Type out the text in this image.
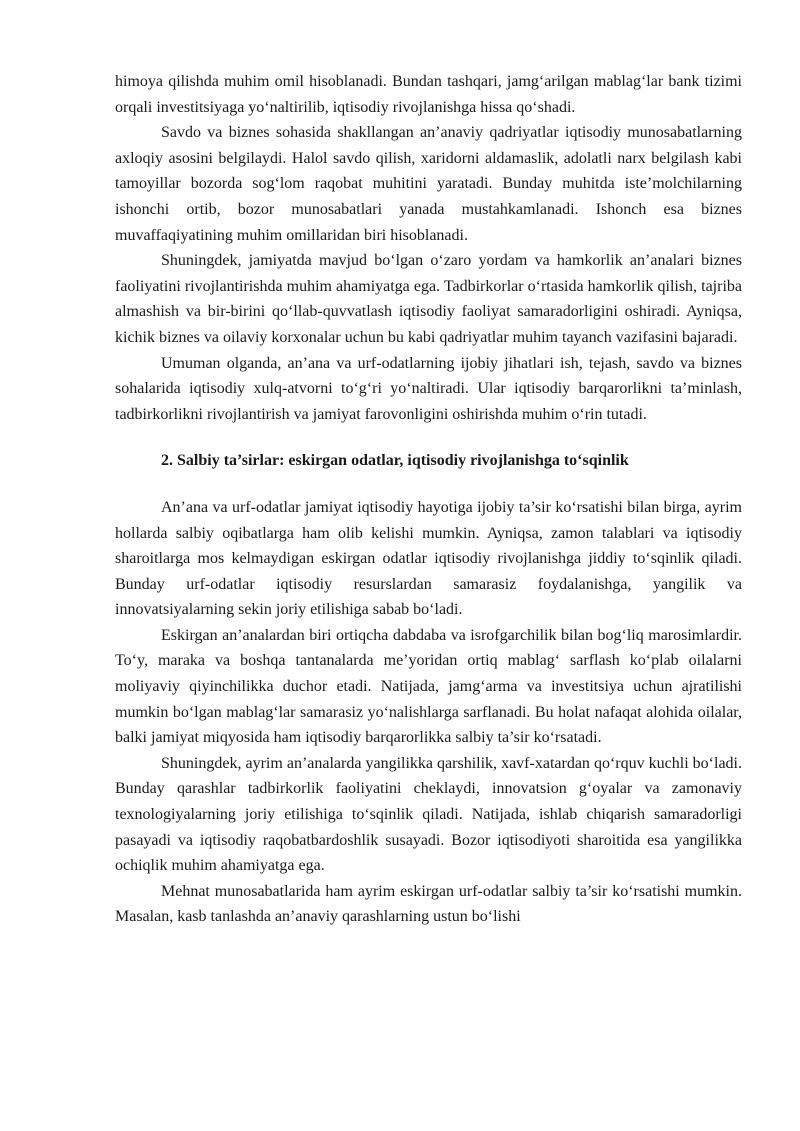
himoya qilishda muhim omil hisoblanadi. Bundan tashqari, jamg‘arilgan mablag‘lar bank tizimi orqali investitsiyaga yo‘naltirilib, iqtisodiy rivojlanishga hissa qo‘shadi.

Savdo va biznes sohasida shakllangan an’anaviy qadriyatlar iqtisodiy munosabatlarning axloqiy asosini belgilaydi. Halol savdo qilish, xaridorni aldamaslik, adolatli narx belgilash kabi tamoyillar bozorda sog‘lom raqobat muhitini yaratadi. Bunday muhitda iste’molchilarning ishonchi ortib, bozor munosabatlari yanada mustahkamlanadi. Ishonch esa biznes muvaffaqiyatining muhim omillaridan biri hisoblanadi.

Shuningdek, jamiyatda mavjud bo‘lgan o‘zaro yordam va hamkorlik an’analari biznes faoliyatini rivojlantirishda muhim ahamiyatga ega. Tadbirkorlar o‘rtasida hamkorlik qilish, tajriba almashish va bir-birini qo‘llab-quvvatlash iqtisodiy faoliyat samaradorligini oshiradi. Ayniqsa, kichik biznes va oilaviy korxonalar uchun bu kabi qadriyatlar muhim tayanch vazifasini bajaradi.

Umuman olganda, an’ana va urf-odatlarning ijobiy jihatlari ish, tejash, savdo va biznes sohalarida iqtisodiy xulq-atvorni to‘g‘ri yo‘naltiradi. Ular iqtisodiy barqarorlikni ta’minlash, tadbirkorlikni rivojlantirish va jamiyat farovonligini oshirishda muhim o‘rin tutadi.

2. Salbiy ta’sirlar: eskirgan odatlar, iqtisodiy rivojlanishga to‘sqinlik

An’ana va urf-odatlar jamiyat iqtisodiy hayotiga ijobiy ta’sir ko‘rsatishi bilan birga, ayrim hollarda salbiy oqibatlarga ham olib kelishi mumkin. Ayniqsa, zamon talablari va iqtisodiy sharoitlarga mos kelmaydigan eskirgan odatlar iqtisodiy rivojlanishga jiddiy to‘sqinlik qiladi. Bunday urf-odatlar iqtisodiy resurslardan samarasiz foydalanishga, yangilik va innovatsiyalarning sekin joriy etilishiga sabab bo‘ladi.

Eskirgan an’analardan biri ortiqcha dabdaba va isrofgarchilik bilan bog‘liq marosimlardir. To‘y, maraka va boshqa tantanalarda me’yoridan ortiq mablag‘ sarflash ko‘plab oilalarni moliyaviy qiyinchilikka duchor etadi. Natijada, jamg‘arma va investitsiya uchun ajratilishi mumkin bo‘lgan mablag‘lar samarasiz yo‘nalishlarga sarflanadi. Bu holat nafaqat alohida oilalar, balki jamiyat miqyosida ham iqtisodiy barqarorlikka salbiy ta’sir ko‘rsatadi.

Shuningdek, ayrim an’analarda yangilikka qarshilik, xavf-xatardan qo‘rquv kuchli bo‘ladi. Bunday qarashlar tadbirkorlik faoliyatini cheklaydi, innovatsion g‘oyalar va zamonaviy texnologiyalarning joriy etilishiga to‘sqinlik qiladi. Natijada, ishlab chiqarish samaradorligi pasayadi va iqtisodiy raqobatbardoshlik susayadi. Bozor iqtisodiyoti sharoitida esa yangilikka ochiqlik muhim ahamiyatga ega.

Mehnat munosabatlarida ham ayrim eskirgan urf-odatlar salbiy ta’sir ko‘rsatishi mumkin. Masalan, kasb tanlashda an’anaviy qarashlarning ustun bo‘lishi
